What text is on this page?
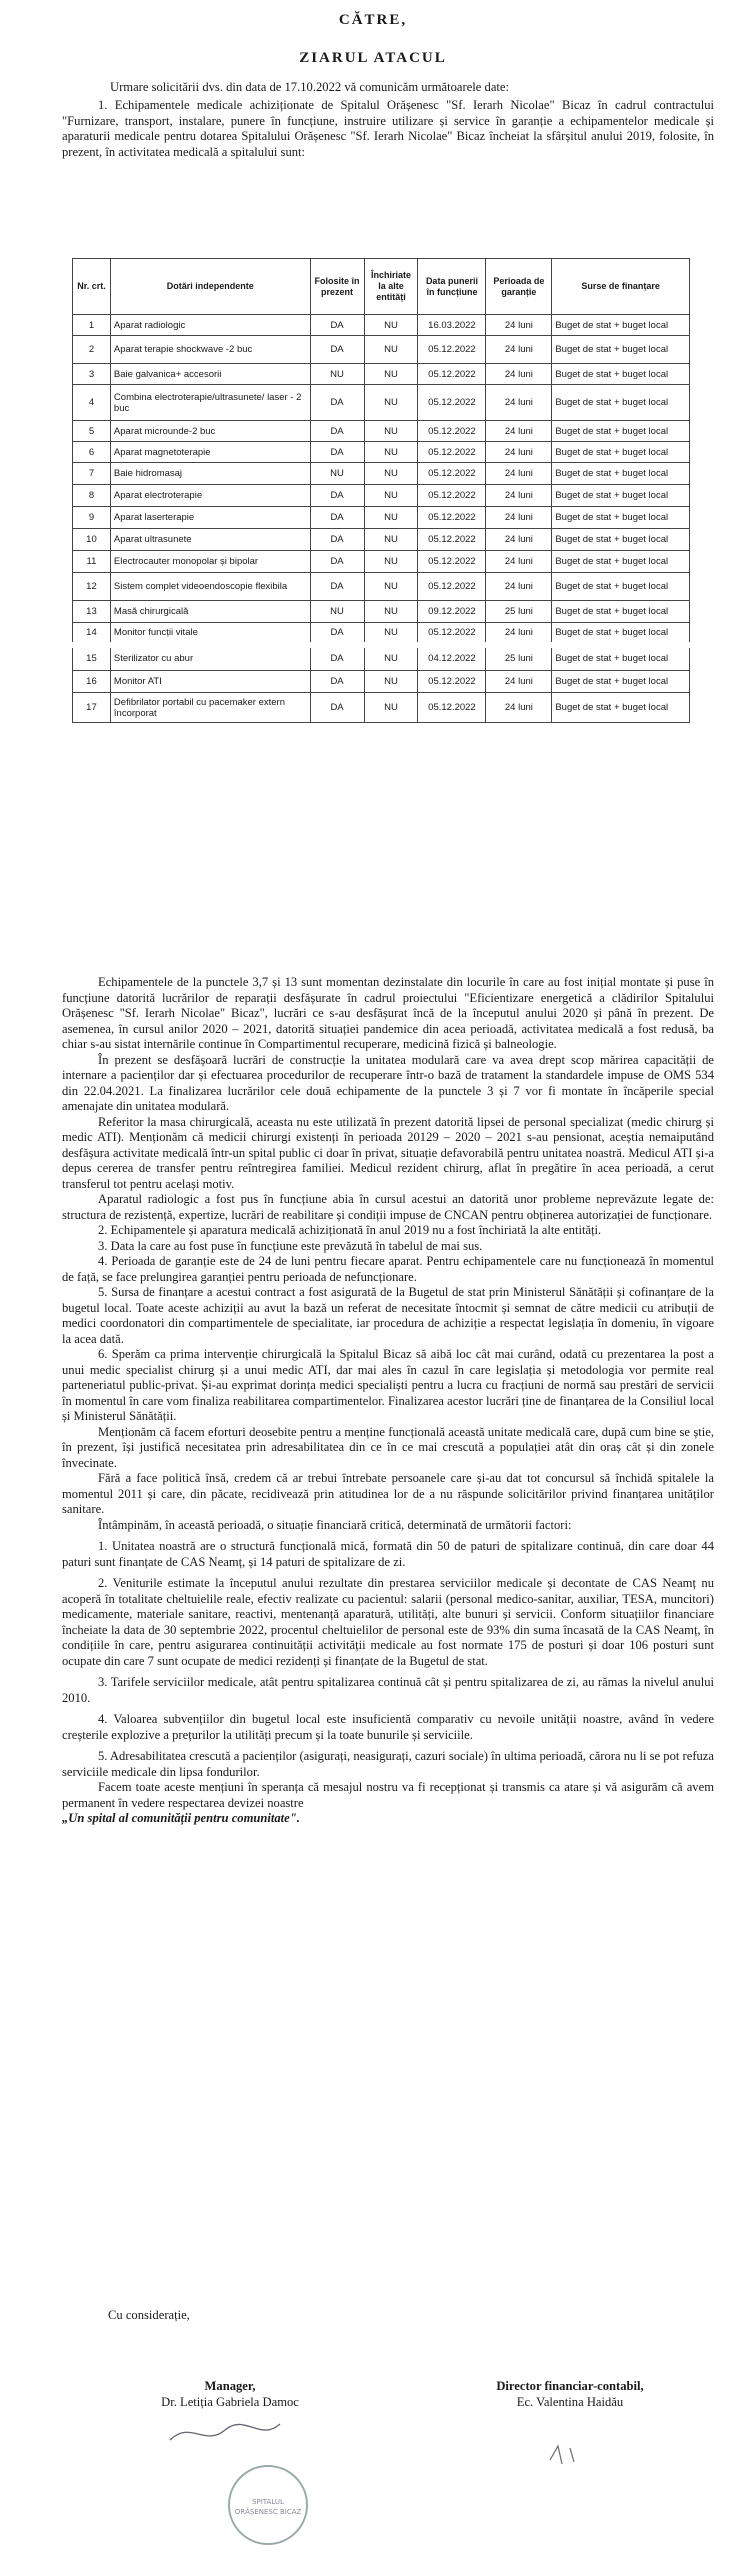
CĂTRE,
ZIARUL ATACUL

Urmare solicitării dvs. din data de 17.10.2022 vă comunicăm următoarele date:

1. Echipamentele medicale achiziționate de Spitalul Orășenesc "Sf. Ierarh Nicolae" Bicaz în cadrul contractului "Furnizare, transport, instalare, punere în funcțiune, instruire utilizare și service în garanție a echipamentelor medicale și aparaturii medicale pentru dotarea Spitalului Orășenesc "Sf. Ierarh Nicolae" Bicaz încheiat la sfârșitul anului 2019, folosite, în prezent, în activitatea medicală a spitalului sunt:

Nr. crt.	Dotări independente	Folosite în prezent	Închiriate la alte entități	Data punerii în funcțiune	Perioada de garanție	Surse de finanțare
1	Aparat radiologic	DA	NU	16.03.2022	24 luni	Buget de stat + buget local
2	Aparat terapie shockwave -2 buc	DA	NU	05.12.2022	24 luni	Buget de stat + buget local
3	Baie galvanica+ accesorii	NU	NU	05.12.2022	24 luni	Buget de stat + buget local
4	Combina electroterapie/ultrasunete/ laser - 2 buc	DA	NU	05.12.2022	24 luni	Buget de stat + buget local
5	Aparat microunde-2 buc	DA	NU	05.12.2022	24 luni	Buget de stat + buget local
6	Aparat magnetoterapie	DA	NU	05.12.2022	24 luni	Buget de stat + buget local
7	Baie hidromasaj	NU	NU	05.12.2022	24 luni	Buget de stat + buget local
8	Aparat electroterapie	DA	NU	05.12.2022	24 luni	Buget de stat + buget local
9	Aparat laserterapie	DA	NU	05.12.2022	24 luni	Buget de stat + buget local
10	Aparat ultrasunete	DA	NU	05.12.2022	24 luni	Buget de stat + buget local
11	Electrocauter monopolar și bipolar	DA	NU	05.12.2022	24 luni	Buget de stat + buget local
12	Sistem complet videoendoscopie flexibila	DA	NU	05.12.2022	24 luni	Buget de stat + buget local
13	Masă chirurgicală	NU	NU	09.12.2022	25 luni	Buget de stat + buget local
14	Monitor funcții vitale	DA	NU	05.12.2022	24 luni	Buget de stat + buget local
15	Sterilizator cu abur	DA	NU	04.12.2022	25 luni	Buget de stat + buget local
16	Monitor ATI	DA	NU	05.12.2022	24 luni	Buget de stat + buget local
17	Defibrilator portabil cu pacemaker extern încorporat	DA	NU	05.12.2022	24 luni	Buget de stat + buget local

Echipamentele de la punctele 3,7 și 13 sunt momentan dezinstalate din locurile în care au fost inițial montate și puse în funcțiune datorită lucrărilor de reparații desfășurate în cadrul proiectului "Eficientizare energetică a clădirilor Spitalului Orășenesc "Sf. Ierarh Nicolae" Bicaz", lucrări ce s-au desfășurat încă de la începutul anului 2020 și până în prezent. De asemenea, în cursul anilor 2020 – 2021, datorită situației pandemice din acea perioadă, activitatea medicală a fost redusă, ba chiar s-au sistat internările continue în Compartimentul recuperare, medicină fizică și balneologie.

În prezent se desfășoară lucrări de construcție la unitatea modulară care va avea drept scop mărirea capacității de internare a pacienților dar și efectuarea procedurilor de recuperare într-o bază de tratament la standardele impuse de OMS 534 din 22.04.2021. La finalizarea lucrărilor cele două echipamente de la punctele 3 și 7 vor fi montate în încăperile special amenajate din unitatea modulară.

Referitor la masa chirurgicală, aceasta nu este utilizată în prezent datorită lipsei de personal specializat (medic chirurg și medic ATI). Menționăm că medicii chirurgi existenți în perioada 20129 – 2020 – 2021 s-au pensionat, aceștia nemaiputând desfășura activitate medicală într-un spital public ci doar în privat, situație defavorabilă pentru unitatea noastră. Medicul ATI și-a depus cererea de transfer pentru reîntregirea familiei. Medicul rezident chirurg, aflat în pregătire în acea perioadă, a cerut transferul tot pentru același motiv.

Aparatul radiologic a fost pus în funcțiune abia în cursul acestui an datorită unor probleme neprevăzute legate de: structura de rezistență, expertize, lucrări de reabilitare și condiții impuse de CNCAN pentru obținerea autorizației de funcționare.

2. Echipamentele și aparatura medicală achiziționată în anul 2019 nu a fost închiriată la alte entități.

3. Data la care au fost puse în funcțiune este prevăzută în tabelul de mai sus.

4. Perioada de garanție este de 24 de luni pentru fiecare aparat. Pentru echipamentele care nu funcționează în momentul de față, se face prelungirea garanției pentru perioada de nefuncționare.

5. Sursa de finanțare a acestui contract a fost asigurată de la Bugetul de stat prin Ministerul Sănătății și cofinanțare de la bugetul local. Toate aceste achiziții au avut la bază un referat de necesitate întocmit și semnat de către medicii cu atribuții de medici coordonatori din compartimentele de specialitate, iar procedura de achiziție a respectat legislația în domeniu, în vigoare la acea dată.

6. Sperăm ca prima intervenție chirurgicală la Spitalul Bicaz să aibă loc cât mai curând, odată cu prezentarea la post a unui medic specialist chirurg și a unui medic ATI, dar mai ales în cazul în care legislația și metodologia vor permite real parteneriatul public-privat. Și-au exprimat dorința medici specialiști pentru a lucra cu fracțiuni de normă sau prestări de servicii în momentul în care vom finaliza reabilitarea compartimentelor. Finalizarea acestor lucrări ține de finanțarea de la Consiliul local și Ministerul Sănătății.

Menționăm că facem eforturi deosebite pentru a menține funcțională această unitate medicală care, după cum bine se știe, în prezent, își justifică necesitatea prin adresabilitatea din ce în ce mai crescută a populației atât din oraș cât și din zonele învecinate.

Fără a face politică însă, credem că ar trebui întrebate persoanele care și-au dat tot concursul să închidă spitalele la momentul 2011 și care, din păcate, recidivează prin atitudinea lor de a nu răspunde solicitărilor privind finanțarea unităților sanitare.

Întâmpinăm, în această perioadă, o situație financiară critică, determinată de următorii factori:

1. Unitatea noastră are o structură funcțională mică, formată din 50 de paturi de spitalizare continuă, din care doar 44 paturi sunt finanțate de CAS Neamț, și 14 paturi de spitalizare de zi.

2. Veniturile estimate la începutul anului rezultate din prestarea serviciilor medicale și decontate de CAS Neamț nu acoperă în totalitate cheltuielile reale, efectiv realizate cu pacientul: salarii (personal medico-sanitar, auxiliar, TESA, muncitori) medicamente, materiale sanitare, reactivi, mentenanță aparatură, utilități, alte bunuri și servicii. Conform situațiilor financiare încheiate la data de 30 septembrie 2022, procentul cheltuielilor de personal este de 93% din suma încasată de la CAS Neamț, în condițiile în care, pentru asigurarea continuității activității medicale au fost normate 175 de posturi și doar 106 posturi sunt ocupate din care 7 sunt ocupate de medici rezidenți și finanțate de la Bugetul de stat.

3. Tarifele serviciilor medicale, atât pentru spitalizarea continuă cât și pentru spitalizarea de zi, au rămas la nivelul anului 2010.

4. Valoarea subvențiilor din bugetul local este insuficientă comparativ cu nevoile unității noastre, având în vedere creșterile explozive a prețurilor la utilități precum și la toate bunurile și serviciile.

5. Adresabilitatea crescută a pacienților (asigurați, neasigurați, cazuri sociale) în ultima perioadă, cărora nu li se pot refuza serviciile medicale din lipsa fondurilor.

Facem toate aceste mențiuni în speranța că mesajul nostru va fi recepționat și transmis ca atare și vă asigurăm că avem permanent în vedere respectarea devizei noastre

„Un spital al comunității pentru comunitate".

Cu considerație,
Manager,
Dr. Letiția Gabriela Damoc
Director financiar-contabil,
Ec. Valentina Haidău
SPITALUL ORĂȘENESC BICAZ
